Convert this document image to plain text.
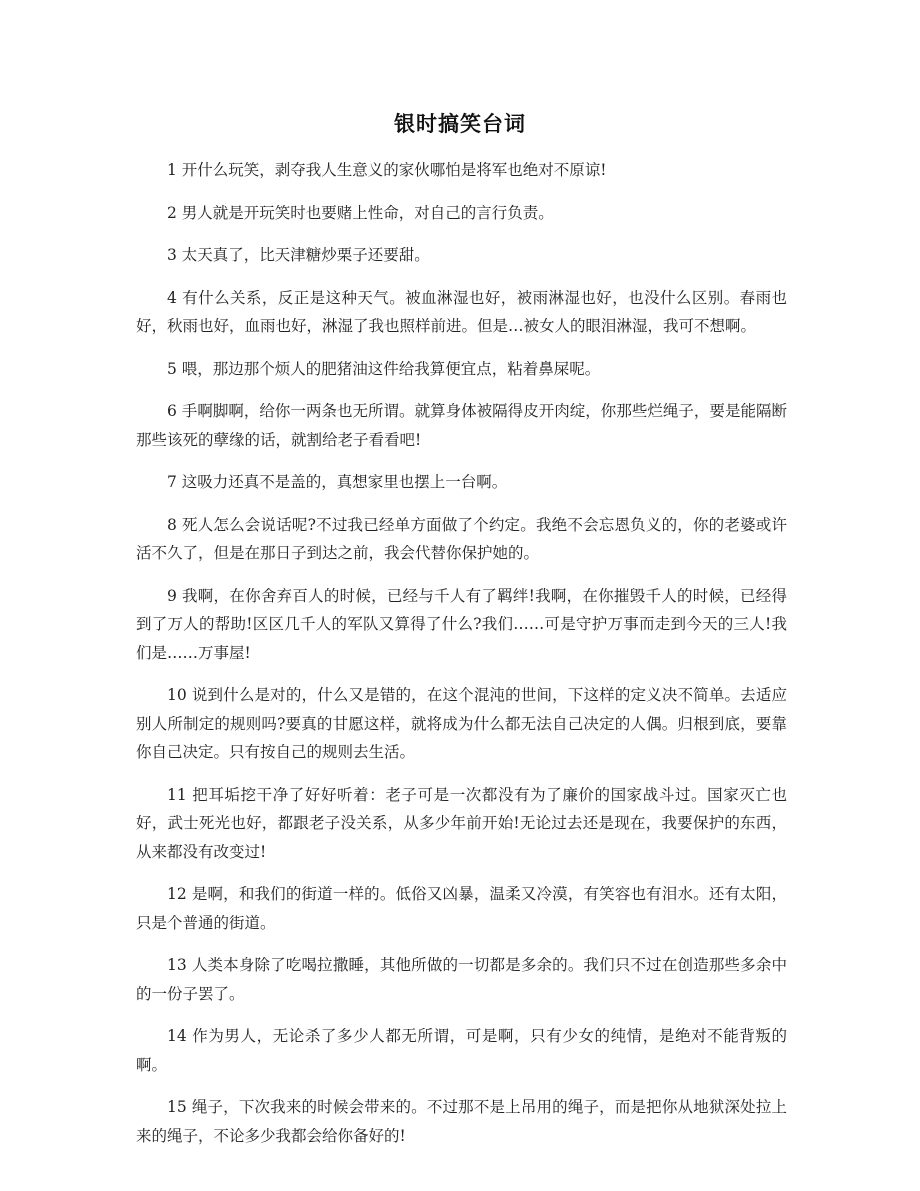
银时搞笑台词

1 开什么玩笑，剥夺我人生意义的家伙哪怕是将军也绝对不原谅!

2 男人就是开玩笑时也要赌上性命，对自己的言行负责。

3 太天真了，比天津糖炒栗子还要甜。

4 有什么关系，反正是这种天气。被血淋湿也好，被雨淋湿也好，也没什么区别。春雨也好，秋雨也好，血雨也好，淋湿了我也照样前进。但是…被女人的眼泪淋湿，我可不想啊。

5 喂，那边那个烦人的肥猪油这件给我算便宜点，粘着鼻屎呢。

6 手啊脚啊，给你一两条也无所谓。就算身体被隔得皮开肉绽，你那些烂绳子，要是能隔断那些该死的孽缘的话，就割给老子看看吧!

7 这吸力还真不是盖的，真想家里也摆上一台啊。

8 死人怎么会说话呢?不过我已经单方面做了个约定。我绝不会忘恩负义的，你的老婆或许活不久了，但是在那日子到达之前，我会代替你保护她的。

9 我啊，在你舍弃百人的时候，已经与千人有了羁绊!我啊，在你摧毁千人的时候，已经得到了万人的帮助!区区几千人的军队又算得了什么?我们……可是守护万事而走到今天的三人!我们是……万事屋!

10 说到什么是对的，什么又是错的，在这个混沌的世间，下这样的定义决不简单。去适应别人所制定的规则吗?要真的甘愿这样，就将成为什么都无法自己决定的人偶。归根到底，要靠你自己决定。只有按自己的规则去生活。

11 把耳垢挖干净了好好听着：老子可是一次都没有为了廉价的国家战斗过。国家灭亡也好，武士死光也好，都跟老子没关系，从多少年前开始!无论过去还是现在，我要保护的东西，从来都没有改变过!

12 是啊，和我们的街道一样的。低俗又凶暴，温柔又冷漠，有笑容也有泪水。还有太阳，只是个普通的街道。

13 人类本身除了吃喝拉撒睡，其他所做的一切都是多余的。我们只不过在创造那些多余中的一份子罢了。

14 作为男人，无论杀了多少人都无所谓，可是啊，只有少女的纯情，是绝对不能背叛的啊。

15 绳子，下次我来的时候会带来的。不过那不是上吊用的绳子，而是把你从地狱深处拉上来的绳子，不论多少我都会给你备好的!
